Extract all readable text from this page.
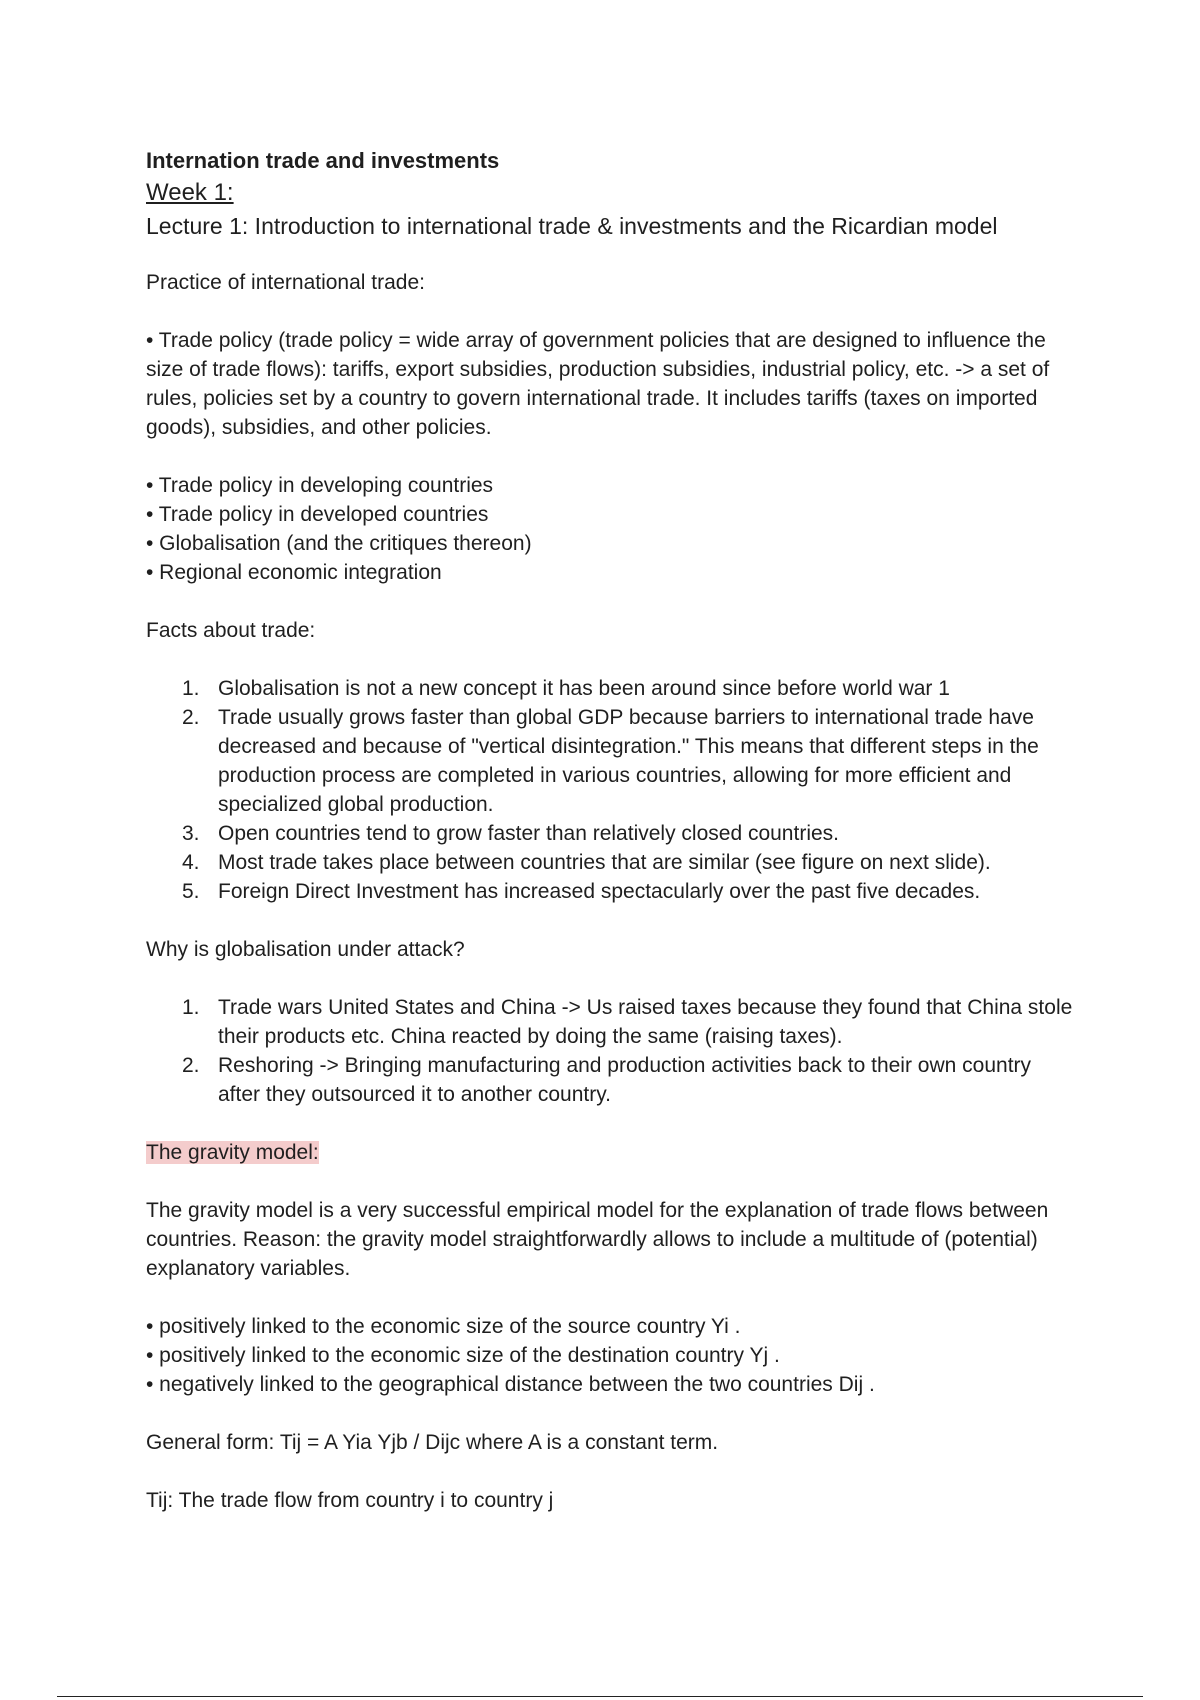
Internation trade and investments
Week 1:
Lecture 1: Introduction to international trade & investments and the Ricardian model

Practice of international trade:

• Trade policy (trade policy = wide array of government policies that are designed to influence the size of trade flows): tariffs, export subsidies, production subsidies, industrial policy, etc. -> a set of rules, policies set by a country to govern international trade. It includes tariffs (taxes on imported goods), subsidies, and other policies.

• Trade policy in developing countries
• Trade policy in developed countries
• Globalisation (and the critiques thereon)
• Regional economic integration

Facts about trade:

1. Globalisation is not a new concept it has been around since before world war 1
2. Trade usually grows faster than global GDP because barriers to international trade have decreased and because of "vertical disintegration." This means that different steps in the production process are completed in various countries, allowing for more efficient and specialized global production.
3. Open countries tend to grow faster than relatively closed countries.
4. Most trade takes place between countries that are similar (see figure on next slide).
5. Foreign Direct Investment has increased spectacularly over the past five decades.

Why is globalisation under attack?

1. Trade wars United States and China -> Us raised taxes because they found that China stole their products etc. China reacted by doing the same (raising taxes).
2. Reshoring -> Bringing manufacturing and production activities back to their own country after they outsourced it to another country.

The gravity model:

The gravity model is a very successful empirical model for the explanation of trade flows between countries. Reason: the gravity model straightforwardly allows to include a multitude of (potential) explanatory variables.

• positively linked to the economic size of the source country Yi .
• positively linked to the economic size of the destination country Yj .
• negatively linked to the geographical distance between the two countries Dij .

General form: Tij = A Yia Yjb / Dijc where A is a constant term.

Tij: The trade flow from country i to country j
